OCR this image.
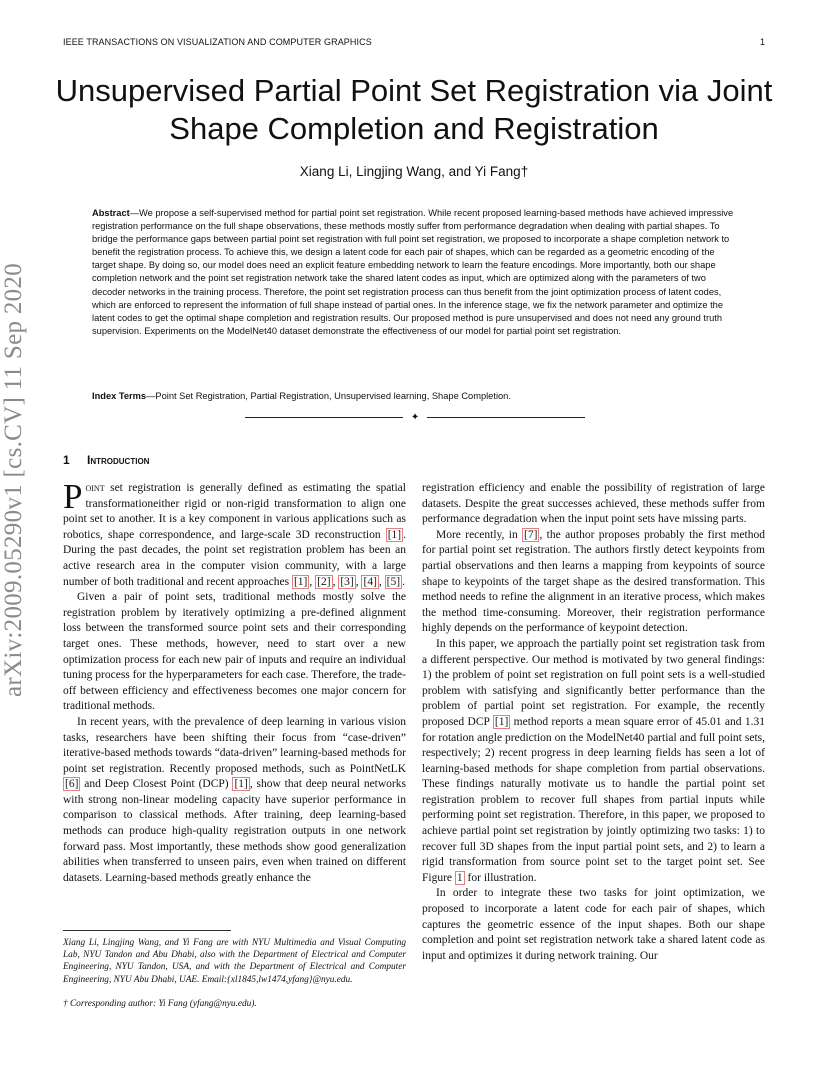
IEEE TRANSACTIONS ON VISUALIZATION AND COMPUTER GRAPHICS	1
arXiv:2009.05290v1 [cs.CV] 11 Sep 2020
Unsupervised Partial Point Set Registration via Joint Shape Completion and Registration
Xiang Li, Lingjing Wang, and Yi Fang†

Abstract—We propose a self-supervised method for partial point set registration. While recent proposed learning-based methods have achieved impressive registration performance on the full shape observations, these methods mostly suffer from performance degradation when dealing with partial shapes. To bridge the performance gaps between partial point set registration with full point set registration, we proposed to incorporate a shape completion network to benefit the registration process. To achieve this, we design a latent code for each pair of shapes, which can be regarded as a geometric encoding of the target shape. By doing so, our model does need an explicit feature embedding network to learn the feature encodings. More importantly, both our shape completion network and the point set registration network take the shared latent codes as input, which are optimized along with the parameters of two decoder networks in the training process. Therefore, the point set registration process can thus benefit from the joint optimization process of latent codes, which are enforced to represent the information of full shape instead of partial ones. In the inference stage, we fix the network parameter and optimize the latent codes to get the optimal shape completion and registration results. Our proposed method is pure unsupervised and does not need any ground truth supervision. Experiments on the ModelNet40 dataset demonstrate the effectiveness of our model for partial point set registration.

Index Terms—Point Set Registration, Partial Registration, Unsupervised learning, Shape Completion.

✦
1 Introduction

Point set registration is generally defined as estimating the spatial transformationeither rigid or non-rigid transformation to align one point set to another. It is a key component in various applications such as robotics, shape correspondence, and large-scale 3D reconstruction [1] . During the past decades, the point set registration problem has been an active research area in the computer vision community, with a large number of both traditional and recent approaches [1] , [2] , [3] , [4] , [5] .

Given a pair of point sets, traditional methods mostly solve the registration problem by iteratively optimizing a pre-defined alignment loss between the transformed source point sets and their corresponding target ones. These methods, however, need to start over a new optimization process for each new pair of inputs and require an individual tuning process for the hyperparameters for each case. Therefore, the trade-off between efficiency and effectiveness becomes one major concern for traditional methods.

In recent years, with the prevalence of deep learning in various vision tasks, researchers have been shifting their focus from “case-driven” iterative-based methods towards “data-driven” learning-based methods for point set registration. Recently proposed methods, such as PointNetLK [6] and Deep Closest Point (DCP) [1] , show that deep neural networks with strong non-linear modeling capacity have superior performance in comparison to classical methods. After training, deep learning-based methods can produce high-quality registration outputs in one network forward pass. Most importantly, these methods show good generalization abilities when transferred to unseen pairs, even when trained on different datasets. Learning-based methods greatly enhance the

registration efficiency and enable the possibility of registration of large datasets. Despite the great successes achieved, these methods suffer from performance degradation when the input point sets have missing parts.

More recently, in [7] , the author proposes probably the first method for partial point set registration. The authors firstly detect keypoints from partial observations and then learns a mapping from keypoints of source shape to keypoints of the target shape as the desired transformation. This method needs to refine the alignment in an iterative process, which makes the method time-consuming. Moreover, their registration performance highly depends on the performance of keypoint detection.

In this paper, we approach the partially point set registration task from a different perspective. Our method is motivated by two general findings: 1) the problem of point set registration on full point sets is a well-studied problem with satisfying and significantly better performance than the problem of partial point set registration. For example, the recently proposed DCP [1] method reports a mean square error of 45.01 and 1.31 for rotation angle prediction on the ModelNet40 partial and full point sets, respectively; 2) recent progress in deep learning fields has seen a lot of learning-based methods for shape completion from partial observations. These findings naturally motivate us to handle the partial point set registration problem to recover full shapes from partial inputs while performing point set registration. Therefore, in this paper, we proposed to achieve partial point set registration by jointly optimizing two tasks: 1) to recover full 3D shapes from the input partial point sets, and 2) to learn a rigid transformation from source point set to the target point set. See Figure 1 for illustration.

In order to integrate these two tasks for joint optimization, we proposed to incorporate a latent code for each pair of shapes, which captures the geometric essence of the input shapes. Both our shape completion and point set registration network take a shared latent code as input and optimizes it during network training. Our

Xiang Li, Lingjing Wang, and Yi Fang are with NYU Multimedia and Visual Computing Lab, NYU Tandon and Abu Dhabi, also with the Department of Electrical and Computer Engineering, NYU Tandon, USA, and with the Department of Electrical and Computer Engineering, NYU Abu Dhabi, UAE. Email:{xl1845,lw1474,yfang}@nyu.edu.

† Corresponding author: Yi Fang (yfang@nyu.edu).
